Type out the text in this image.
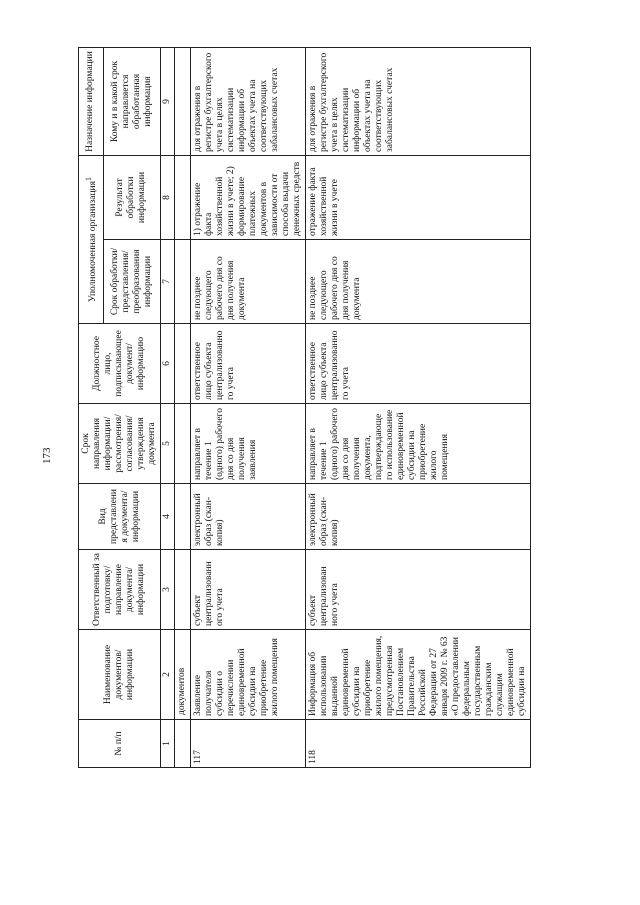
173
№ п/п	Наименование документов/ информации	Ответственный за подготовку/ направление документа/ информации	Вид представления документа/ информации	Срок направления информации/ рассмотрения/ согласования/ утверждения документа	Должностное лицо, подписывающее документ/ информацию	Уполномоченная организация$^1$		Назначение информации
						Срок обработки/ представления/ преобразования информации	Результат обработки информации	Кому и в какой срок направляется обработанная информация
1	2	3	4	5	6	7	8	9
	документов							
117	Заявление получателя субсидии о перечислении единовременной субсидии на приобретение жилого помещения	субъект централизованн ого учета	электронный образ (скан-копия)	направляет в течение 1 (одного) рабочего дня со дня получения заявления	ответственное лицо субъекта централизованно го учета	не позднее следующего рабочего дня со дня получения документа	1) отражение факта хозяйственной жизни в учете; 2) формирование платежных документов в зависимости от способа выдачи денежных средств	для отражения в регистре бухгалтерского учета в целях систематизации информации об объектах учета на соответствующих забалансовых счетах
118	Информация об использовании выданной единовременной субсидии на приобретение жилого помещения, предусмотренная Постановлением Правительства Российской Федерации от 27 января 2009 г. № 63 «О предоставлении федеральным государственным гражданским служащим единовременной субсидии на	субъект централизован ного учета	электронный образ (скан-копия)	направляет в течение 1 (одного) рабочего дня со дня получения документа, подтверждающе го использование единовременной субсидии на приобретение жилого помещения	ответственное лицо субъекта централизованно го учета	не позднее следующего рабочего дня со дня получения документа	отражение факта хозяйственной жизни в учете	для отражения в регистре бухгалтерского учета в целях систематизации информации об объектах учета на соответствующих забалансовых счетах
